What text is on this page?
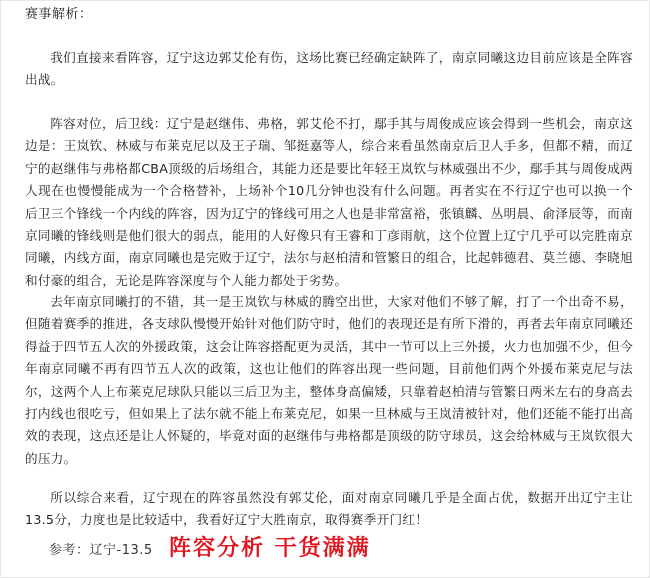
赛事解析：

我们直接来看阵容，辽宁这边郭艾伦有伤，这场比赛已经确定缺阵了，南京同曦这边目前应该是全阵容出战。

阵容对位，后卫线：辽宁是赵继伟、弗格，郭艾伦不打，鄢手其与周俊成应该会得到一些机会，南京这边是：王岚钦、林威与布莱克尼以及王子瑞、邹挺嘉等人，综合来看虽然南京后卫人手多，但都不精，而辽宁的赵继伟与弗格都CBA顶级的后场组合，其能力还是要比年轻王岚钦与林威强出不少，鄢手其与周俊成两人现在也慢慢能成为一个合格替补，上场补个10几分钟也没有什么问题。再者实在不行辽宁也可以换一个后卫三个锋线一个内线的阵容，因为辽宁的锋线可用之人也是非常富裕，张镇麟、丛明晨、俞泽辰等，而南京同曦的锋线则是他们很大的弱点，能用的人好像只有王睿和丁彦雨航，这个位置上辽宁几乎可以完胜南京同曦，内线方面，南京同曦也是完败于辽宁，法尔与赵柏清和管繁日的组合，比起韩德君、莫兰德、李晓旭和付豪的组合，无论是阵容深度与个人能力都处于劣势。

去年南京同曦打的不错，其一是王岚钦与林威的腾空出世，大家对他们不够了解，打了一个出奇不易，但随着赛季的推进，各支球队慢慢开始针对他们防守时，他们的表现还是有所下滑的，再者去年南京同曦还得益于四节五人次的外援政策，这会让阵容搭配更为灵活，其中一节可以上三外援，火力也加强不少，但今年南京同曦不再有四节五人次的政策，这也让他们的阵容出现一些问题，目前他们两个外援布莱克尼与法尔，这两个人上布莱克尼球队只能以三后卫为主，整体身高偏矮，只靠着赵柏清与管繁日两米左右的身高去打内线也很吃亏，但如果上了法尔就不能上布莱克尼，如果一旦林威与王岚清被针对，他们还能不能打出高效的表现，这点还是让人怀疑的，毕竟对面的赵继伟与弗格都是顶级的防守球员，这会给林威与王岚钦很大的压力。

所以综合来看，辽宁现在的阵容虽然没有郭艾伦，面对南京同曦几乎是全面占优，数据开出辽宁主让13.5分，力度也是比较适中，我看好辽宁大胜南京，取得赛季开门红！

参考：辽宁-13.5 阵容分析 干货满满
